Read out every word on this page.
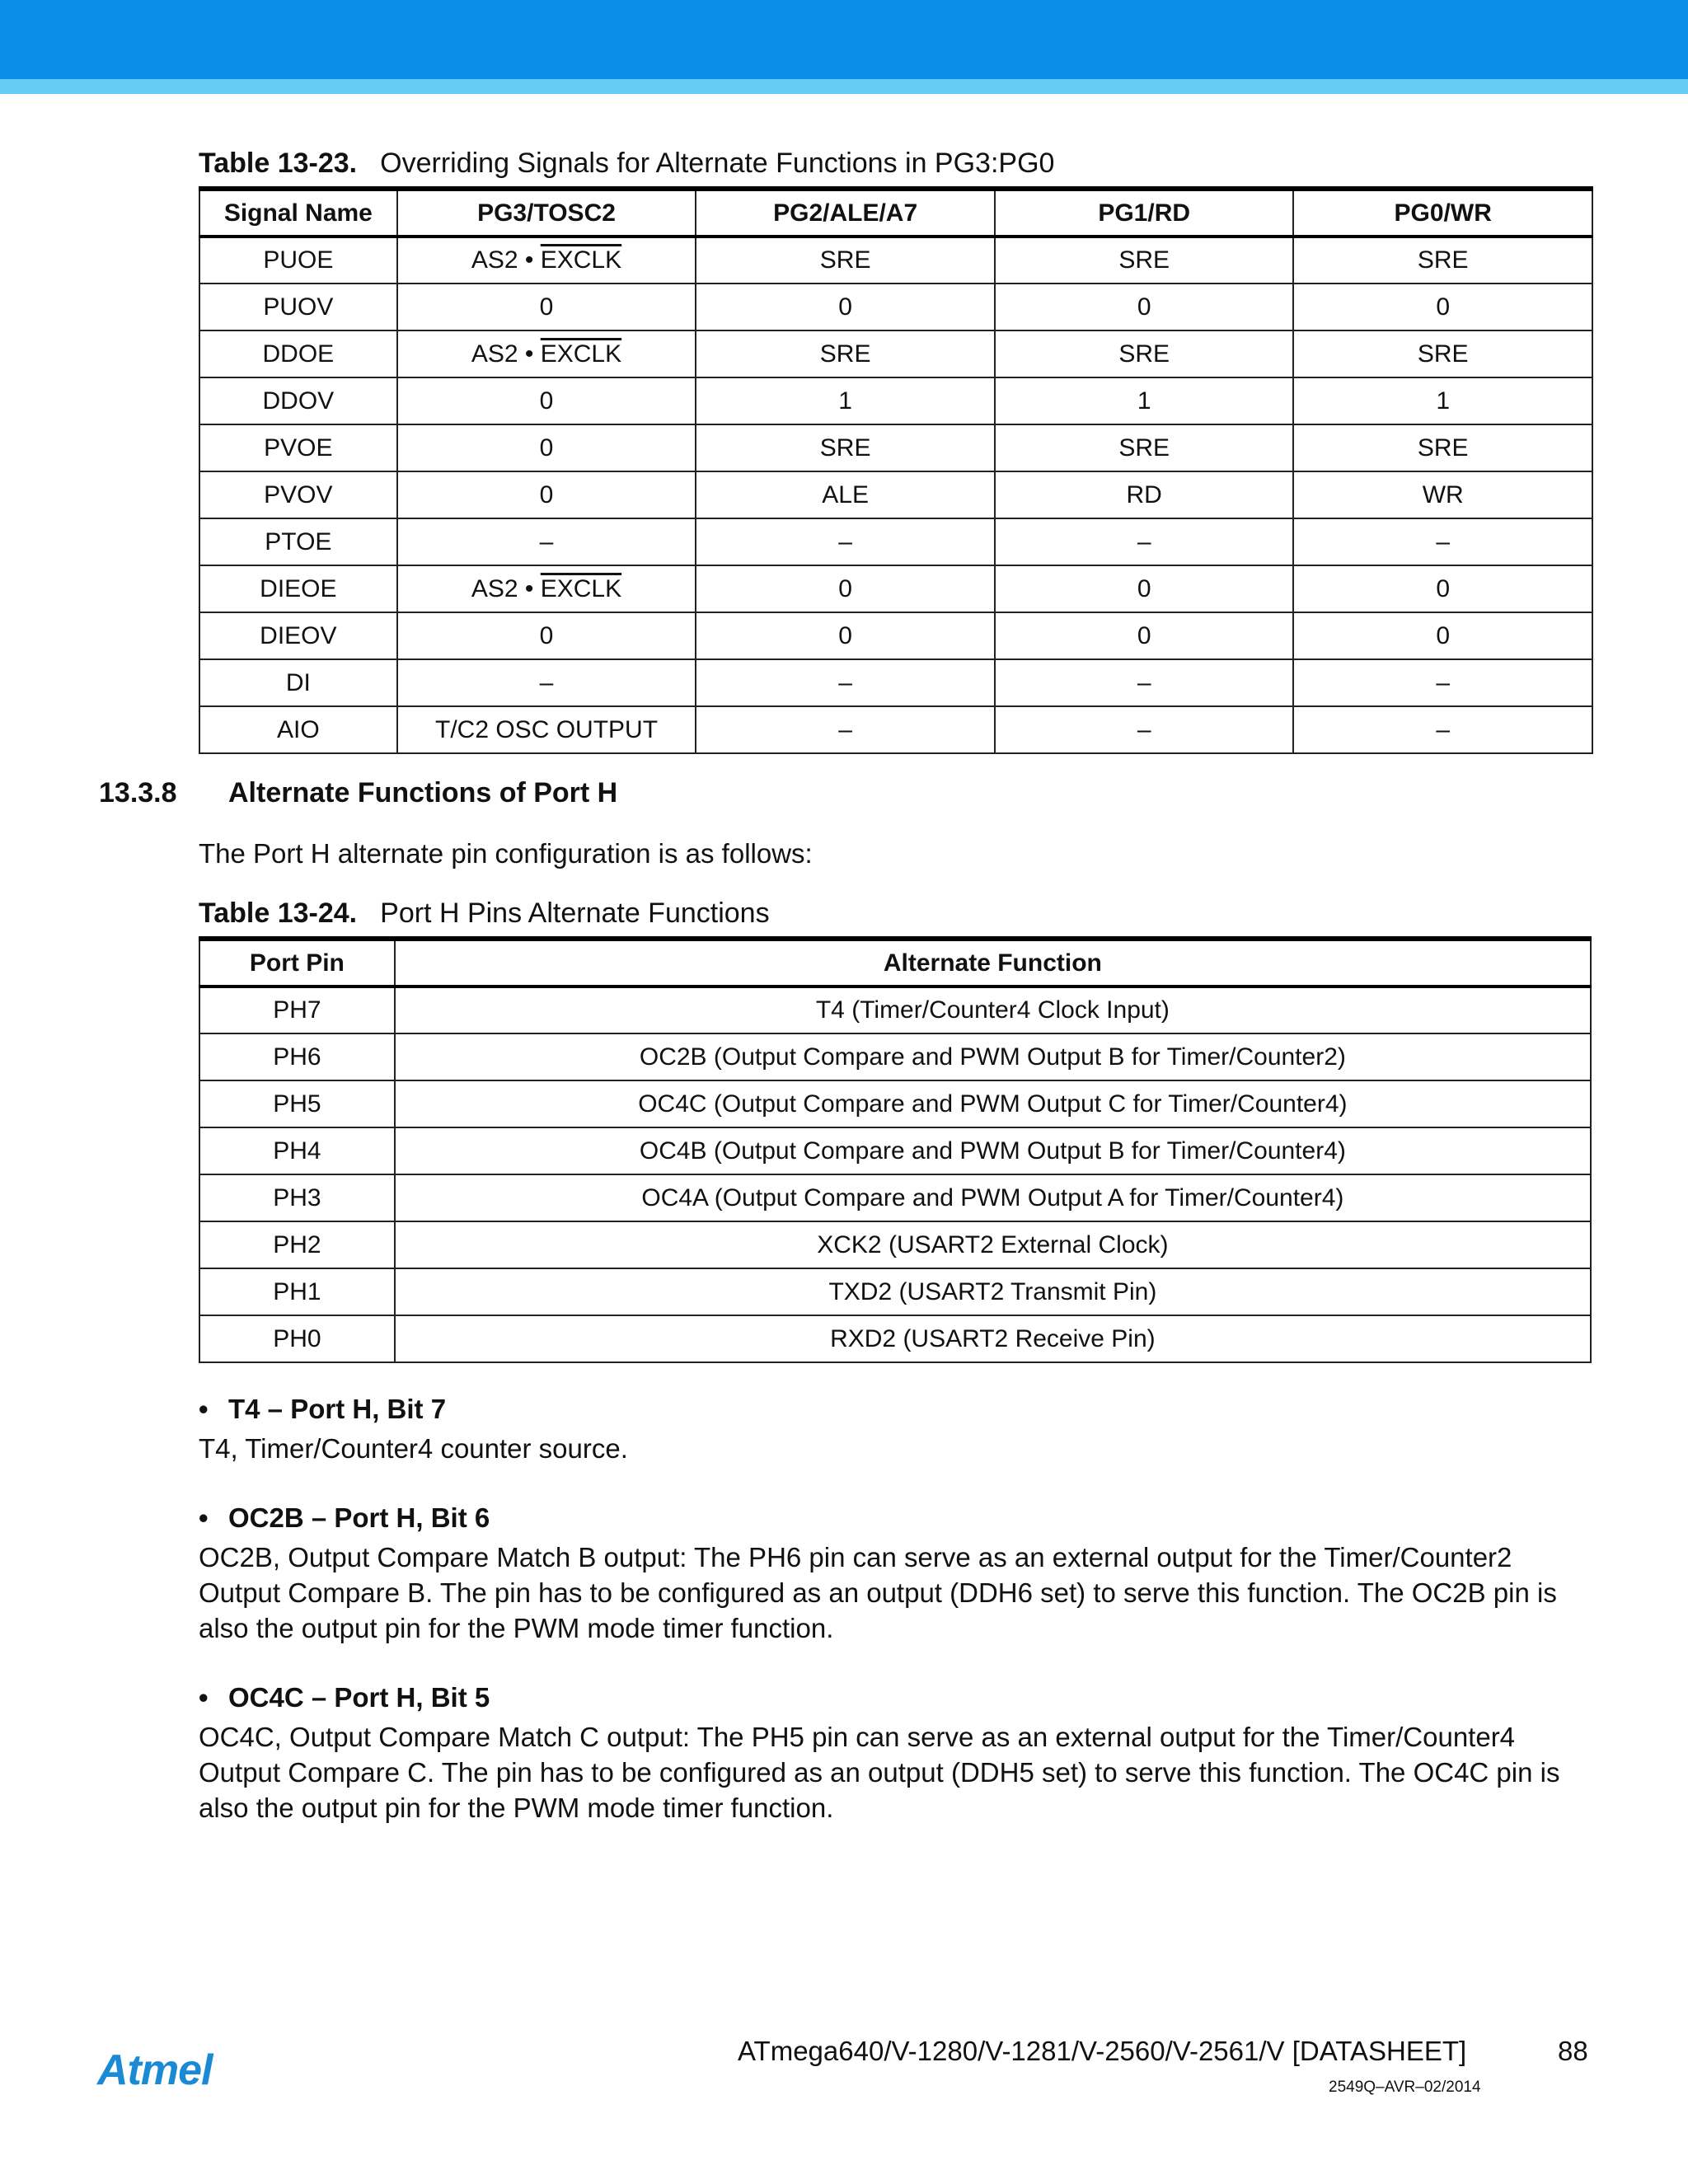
Table 13-23. Overriding Signals for Alternate Functions in PG3:PG0
Signal Name	PG3/TOSC2	PG2/ALE/A7	PG1/RD	PG0/WR
PUOE	AS2 • EXCLK	SRE	SRE	SRE
PUOV	0	0	0	0
DDOE	AS2 • EXCLK	SRE	SRE	SRE
DDOV	0	1	1	1
PVOE	0	SRE	SRE	SRE
PVOV	0	ALE	RD	WR
PTOE	–	–	–	–
DIEOE	AS2 • EXCLK	0	0	0
DIEOV	0	0	0	0
DI	–	–	–	–
AIO	T/C2 OSC OUTPUT	–	–	–
13.3.8 Alternate Functions of Port H
The Port H alternate pin configuration is as follows:
Table 13-24. Port H Pins Alternate Functions
Port Pin	Alternate Function
PH7	T4 (Timer/Counter4 Clock Input)
PH6	OC2B (Output Compare and PWM Output B for Timer/Counter2)
PH5	OC4C (Output Compare and PWM Output C for Timer/Counter4)
PH4	OC4B (Output Compare and PWM Output B for Timer/Counter4)
PH3	OC4A (Output Compare and PWM Output A for Timer/Counter4)
PH2	XCK2 (USART2 External Clock)
PH1	TXD2 (USART2 Transmit Pin)
PH0	RXD2 (USART2 Receive Pin)
• T4 – Port H, Bit 7
T4, Timer/Counter4 counter source.
• OC2B – Port H, Bit 6
OC2B, Output Compare Match B output: The PH6 pin can serve as an external output for the Timer/Counter2 Output Compare B. The pin has to be configured as an output (DDH6 set) to serve this function. The OC2B pin is also the output pin for the PWM mode timer function.
• OC4C – Port H, Bit 5
OC4C, Output Compare Match C output: The PH5 pin can serve as an external output for the Timer/Counter4 Output Compare C. The pin has to be configured as an output (DDH5 set) to serve this function. The OC4C pin is also the output pin for the PWM mode timer function.
Atmel	ATmega640/V-1280/V-1281/V-2560/V-2561/V [DATASHEET]	88
2549Q–AVR–02/2014
